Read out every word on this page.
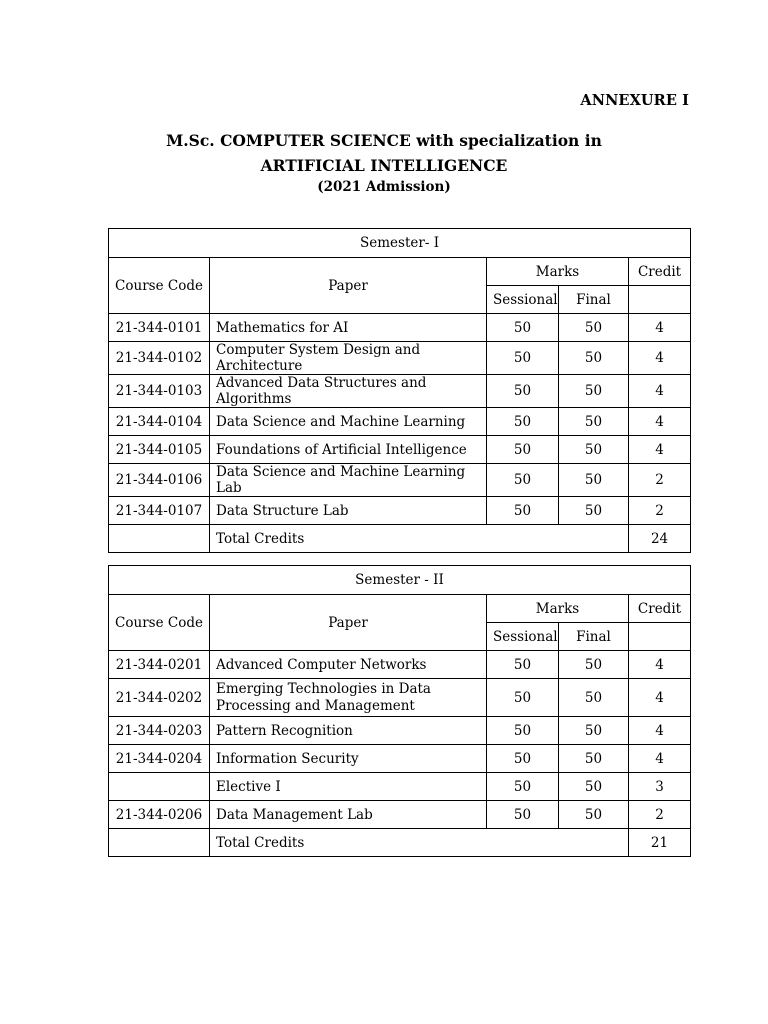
ANNEXURE I
M.Sc. COMPUTER SCIENCE with specialization in
ARTIFICIAL INTELLIGENCE
(2021 Admission)
Semester- I				
Course Code	Paper	Marks		Credit
		Sessional	Final	
21-344-0101	Mathematics for AI	50	50	4
21-344-0102	Computer System Design and Architecture	50	50	4
21-344-0103	Advanced Data Structures and Algorithms	50	50	4
21-344-0104	Data Science and Machine Learning	50	50	4
21-344-0105	Foundations of Artificial Intelligence	50	50	4
21-344-0106	Data Science and Machine Learning Lab	50	50	2
21-344-0107	Data Structure Lab	50	50	2
	Total Credits			24
Semester - II				
Course Code	Paper	Marks		Credit
		Sessional	Final	
21-344-0201	Advanced Computer Networks	50	50	4
21-344-0202	Emerging Technologies in Data Processing and Management	50	50	4
21-344-0203	Pattern Recognition	50	50	4
21-344-0204	Information Security	50	50	4
	Elective I	50	50	3
21-344-0206	Data Management Lab	50	50	2
	Total Credits			21
